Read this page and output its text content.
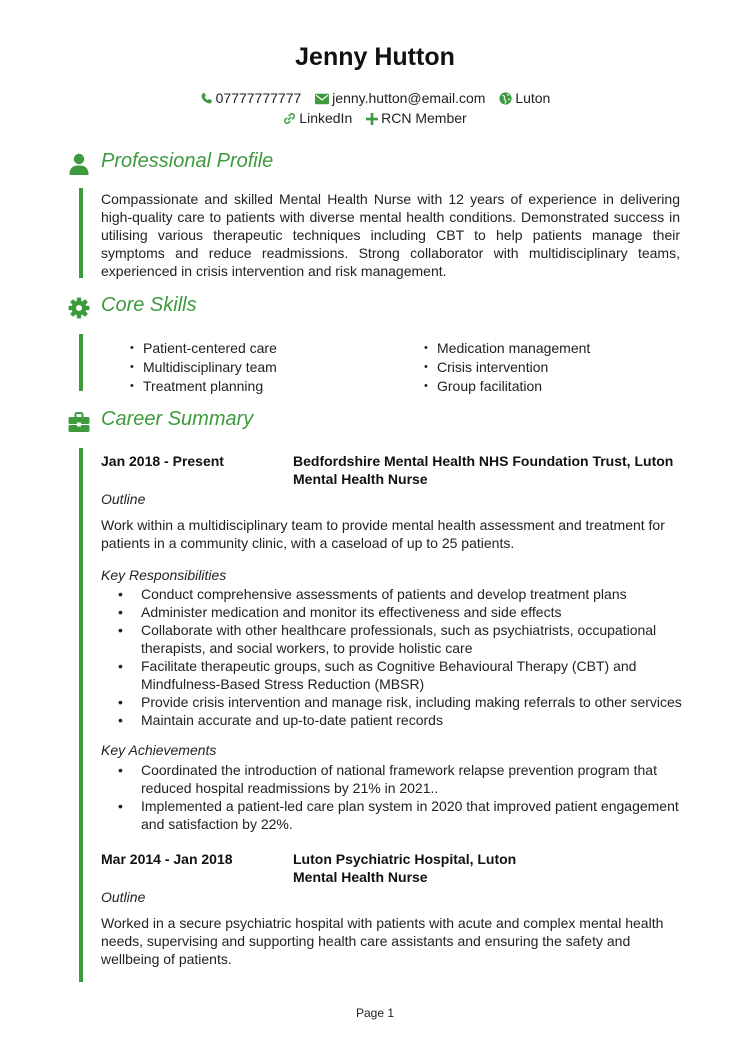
Jenny Hutton
07777777777 jenny.hutton@email.com Luton
LinkedIn RCN Member
Professional Profile
Compassionate and skilled Mental Health Nurse with 12 years of experience in delivering high-quality care to patients with diverse mental health conditions. Demonstrated success in utilising various therapeutic techniques including CBT to help patients manage their symptoms and reduce readmissions. Strong collaborator with multidisciplinary teams, experienced in crisis intervention and risk management.
Core Skills
• Patient-centered care
• Multidisciplinary team
• Treatment planning
• Medication management
• Crisis intervention
• Group facilitation
Career Summary
Jan 2018 - Present	Bedfordshire Mental Health NHS Foundation Trust, Luton
Mental Health Nurse
Outline
Work within a multidisciplinary team to provide mental health assessment and treatment for patients in a community clinic, with a caseload of up to 25 patients.
Key Responsibilities
• Conduct comprehensive assessments of patients and develop treatment plans
• Administer medication and monitor its effectiveness and side effects
• Collaborate with other healthcare professionals, such as psychiatrists, occupational therapists, and social workers, to provide holistic care
• Facilitate therapeutic groups, such as Cognitive Behavioural Therapy (CBT) and Mindfulness-Based Stress Reduction (MBSR)
• Provide crisis intervention and manage risk, including making referrals to other services
• Maintain accurate and up-to-date patient records
Key Achievements
• Coordinated the introduction of national framework relapse prevention program that reduced hospital readmissions by 21% in 2021..
• Implemented a patient-led care plan system in 2020 that improved patient engagement and satisfaction by 22%.
Mar 2014 - Jan 2018	Luton Psychiatric Hospital, Luton
Mental Health Nurse
Outline
Worked in a secure psychiatric hospital with patients with acute and complex mental health needs, supervising and supporting health care assistants and ensuring the safety and wellbeing of patients.
Page 1
